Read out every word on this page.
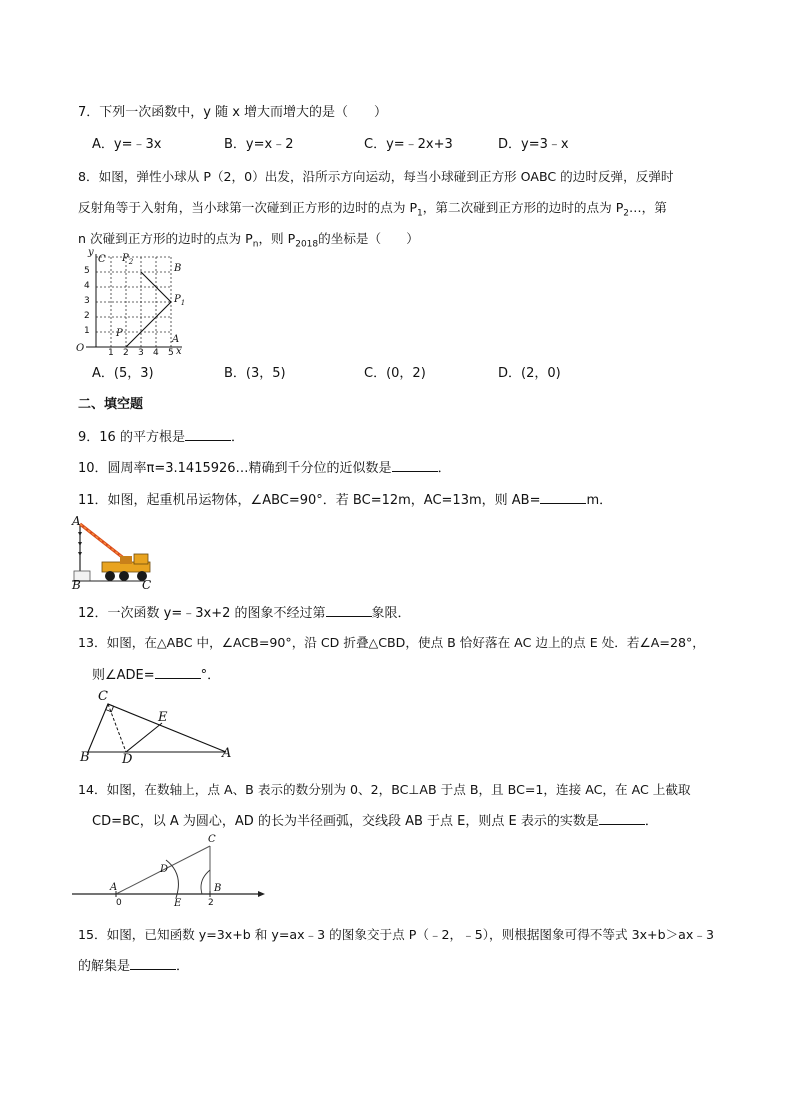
7．下列一次函数中，y 随 x 增大而增大的是（　　）
A．y=﹣3x	B．y=x﹣2	C．y=﹣2x+3	D．y=3﹣x
8．如图，弹性小球从 P（2，0）出发，沿所示方向运动，每当小球碰到正方形 OABC 的边时反弹，反弹时
反射角等于入射角，当小球第一次碰到正方形的边时的点为 $P_1$，第二次碰到正方形的边时的点为 $P_2\dots$，第
n 次碰到正方形的边时的点为 $P_n$，则 $P_{2018}$的坐标是（　　）
y
C $P_2$
B
$P_1$
P
A
O	x
1
2
3
4
5
1 2 3 4 5
A．(5，3)	B．(3，5)	C．(0，2)	D．(2，0)
二、填空题
9．16 的平方根是	．
10．圆周率π=3.1415926…精确到千分位的近似数是	．
11．如图，起重机吊运物体，∠ABC=90°．若 BC=12m，AC=13m，则 AB=	m．
A
B	C
12．一次函数 y=﹣3x+2 的图象不经过第	象限．
13．如图，在△ABC 中，∠ACB=90°，沿 CD 折叠△CBD，使点 B 恰好落在 AC 边上的点 E 处．若∠A=28°，
则∠ADE=	°．
C
E
B D	A
14．如图，在数轴上，点 A、B 表示的数分别为 0、2，BC⊥AB 于点 B，且 BC=1，连接 AC，在 AC 上截取
CD=BC，以 A 为圆心，AD 的长为半径画弧，交线段 AB 于点 E，则点 E 表示的实数是	．
C
D
A	B
E
0	2
15．如图，已知函数 y=3x+b 和 y=ax﹣3 的图象交于点 P（﹣2，﹣5），则根据图象可得不等式 3x+b＞ax﹣3
的解集是	．
